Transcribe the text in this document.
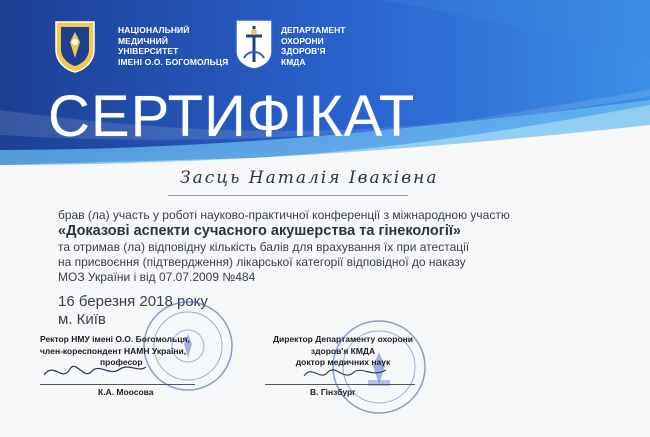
НАЦІОНАЛЬНИЙ
МЕДИЧНИЙ
УНІВЕРСИТЕТ
ІМЕНІ О.О. БОГОМОЛЬЦЯ
ДЕПАРТАМЕНТ
ОХОРОНИ
ЗДОРОВ'Я
КМДА
СЕРТИФІКАТ
Засць Наталія Іваківна
брав (ла) участь у роботі науково-практичної конференції з міжнародною участю
«Доказові аспекти сучасного акушерства та гінекології»
та отримав (ла) відповідну кількість балів для врахування їх при атестації
на присвоєння (підтвердження) лікарської категорії відповідної до наказу
МОЗ України і від 07.07.2009 №484
16 березня 2018 року
м. Київ
Ректор НМУ імені О.О. Богомольця,
член-кореспондент НАМН України,
професор
К.А. Моосова
Директор Департаменту охорони
здоров'я КМДА
доктор медичних наук
В. Гінзбург
